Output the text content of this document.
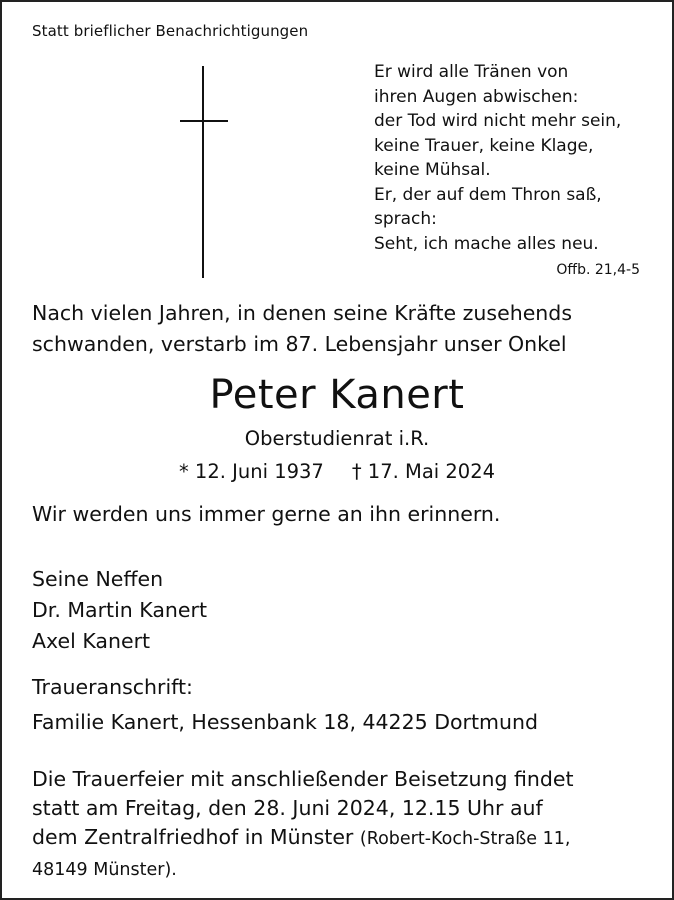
Statt brieflicher Benachrichtigungen
Er wird alle Tränen von
ihren Augen abwischen:
der Tod wird nicht mehr sein,
keine Trauer, keine Klage,
keine Mühsal.
Er, der auf dem Thron saß,
sprach:
Seht, ich mache alles neu.
Offb. 21,4-5
Nach vielen Jahren, in denen seine Kräfte zusehends
schwanden, verstarb im 87. Lebensjahr unser Onkel
Peter Kanert
Oberstudienrat i.R.
* 12. Juni 1937 † 17. Mai 2024
Wir werden uns immer gerne an ihn erinnern.
Seine Neffen
Dr. Martin Kanert
Axel Kanert
Traueranschrift:
Familie Kanert, Hessenbank 18, 44225 Dortmund
Die Trauerfeier mit anschließender Beisetzung findet
statt am Freitag, den 28. Juni 2024, 12.15 Uhr auf
dem Zentralfriedhof in Münster (Robert-Koch-Straße 11,
48149 Münster).
